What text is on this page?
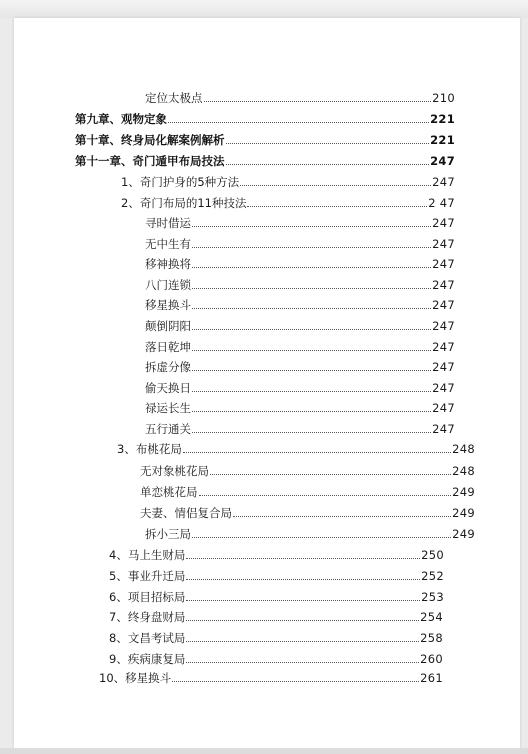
定位太极点	210
第九章、观物定象	221
第十章、终身局化解案例解析	221
第十一章、奇门遁甲布局技法	247
1、奇门护身的5种方法	247
2、奇门布局的11种技法	2 47
寻时借运	247
无中生有	247
移神换将	247
八门连锁	247
移星换斗	247
颠倒阴阳	247
落日乾坤	247
拆虚分像	247
偷天换日	247
禄运长生	247
五行通关	247
3、布桃花局	248
无对象桃花局	248
单恋桃花局	249
夫妻、情侣复合局	249
拆小三局	249
4、马上生财局	250
5、事业升迁局	252
6、项目招标局	253
7、终身盘财局	254
8、文昌考试局	258
9、疾病康复局	260
10、移星换斗	261
